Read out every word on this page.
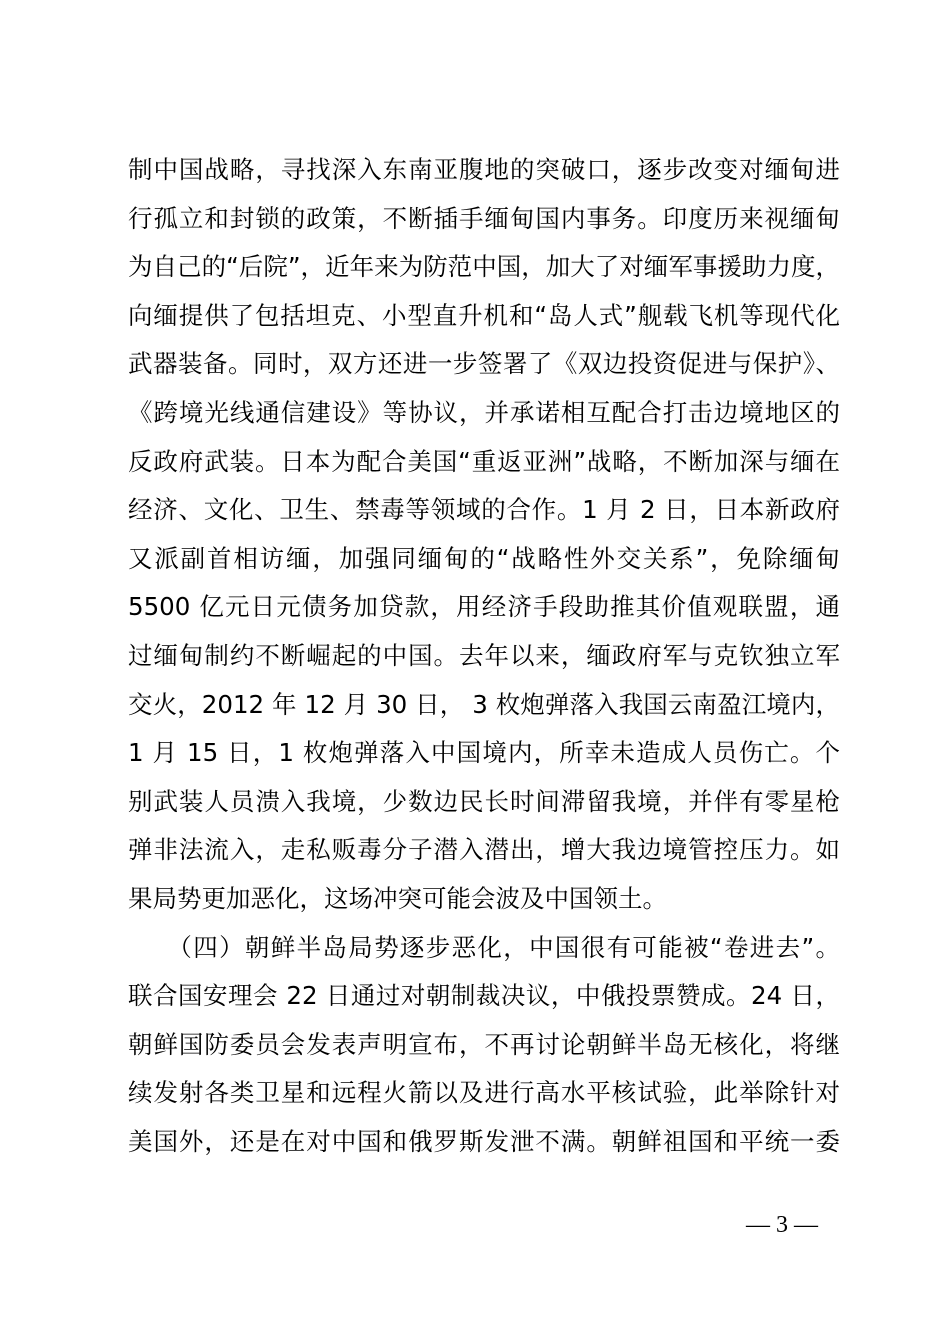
制中国战略，寻找深入东南亚腹地的突破口，逐步改变对缅甸进
行孤立和封锁的政策，不断插手缅甸国内事务。印度历来视缅甸
为自己的“后院”，近年来为防范中国，加大了对缅军事援助力度，
向缅提供了包括坦克、小型直升机和“岛人式”舰载飞机等现代化
武器装备。同时，双方还进一步签署了《双边投资促进与保护》、
《跨境光线通信建设》等协议，并承诺相互配合打击边境地区的
反政府武装。日本为配合美国“重返亚洲”战略，不断加深与缅在
经济、文化、卫生、禁毒等领域的合作。1 月 2 日，日本新政府
又派副首相访缅，加强同缅甸的“战略性外交关系”，免除缅甸
5500 亿元日元债务加贷款，用经济手段助推其价值观联盟，通
过缅甸制约不断崛起的中国。去年以来，缅政府军与克钦独立军
交火，2012 年 12 月 30 日， 3 枚炮弹落入我国云南盈江境内，
1 月 15 日，1 枚炮弹落入中国境内，所幸未造成人员伤亡。个
别武装人员溃入我境，少数边民长时间滞留我境，并伴有零星枪
弹非法流入，走私贩毒分子潜入潜出，增大我边境管控压力。如
果局势更加恶化，这场冲突可能会波及中国领土。
　　（四）朝鲜半岛局势逐步恶化，中国很有可能被“卷进去”。
联合国安理会 22 日通过对朝制裁决议，中俄投票赞成。24 日，
朝鲜国防委员会发表声明宣布，不再讨论朝鲜半岛无核化，将继
续发射各类卫星和远程火箭以及进行高水平核试验，此举除针对
美国外，还是在对中国和俄罗斯发泄不满。朝鲜祖国和平统一委
— 3 —
